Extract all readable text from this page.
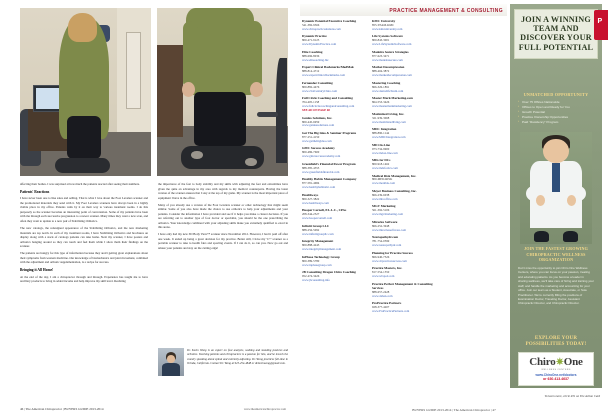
affecting their bodies. I was surprised at how much the patients reacted after seeing their numbers.

Patients' Reactions

I have never been one to like sales and selling. That is what I love about the Foot Levelers scanner and the promotional materials they send with it. My Foot Levelers scanners have always been in a highly visible place in my office. Patients walk by it on their way to various treatment rooms. I do this purposely so the scanner becomes an interesting point of conversation. Some of my patients have been with me through each successive progression to a newer scanner. Many times they want a new scan, and often they want to update to a new pair of Stabilizing Orthotics.

The new catalogs, the redesigned appearance of the Stabilizing Orthotics, and the new marketing materials are top notch. In each of my treatment rooms, I have Stabilizing Orthotics and brochures on display along with a stack of catalogs patients can take home. Next my scanner, I have posters and orthotics hanging around so they can touch and feel them while I show them their findings on the scanner.

The patients are hungry for this type of information because they aren't getting great explanations about their symptoms from western medicine. Our knowledge of biomechanics and joint movement, combined with the adjustment and orthotic supplementation, is a recipe for success.

Bringing it All Home!

At the end of the day, I am a chiropractor through and through. Experience has taught me to have ancillary products to bring in added income and help improve my skill level. Realizing

the importance of the feet to body stability and my skills with adjusting the feet and extremities have given me quite an advantage in my area with regards to my medical counterparts. Having the latest version of the scanner ensures that I stay at the top of my game. My scanner is the most important piece of equipment I have in the office.

Many of you already use a version of the Foot Levelers scanner or other technology that might seem similar. Some of you also have made the choice to use orthotics to help your adjustments and your patients. Consider the information I have provided and see if it helps you make a clearer decision. If you are referring out to another type of foot doctor or specialist, you should be the one prescribing the orthotics. Your knowledge combined with your adjusting skills make you extremely qualified to excel in this arena.

I have only had my new 3D Body View™ scanner since November 2012. However, I had it paid off after one week. It ended up being a great decision for my practice. Better still, I have my 'C+' scanner as a portable scanner to take to health fairs and sporting events. If I can do it, so can you. Now go out and amaze your patients and stay on the cutting edge!

Dr. Kevin Wong is an expert on foot analysis, walking and standing postures and orthotics. Teaching patients and chiropractors is a passion for him, and he travels the country speaking about spinal and extremity adjusting. Dr. Wong practices full-time in Orinda, California. Contact Dr. Wong at 925-254-4848 or drkevinwong@gmail.com.
46 | The American Chiropractor | BUYERS GUIDE 2013-2014	www.theamericanchiropractor.com
PRACTICE MANAGEMENT & CONSULTING
Dynamic Potential Executive Coaching
541-382-9366
www.chiropracticsolutions.com
Dynamic Practice
800-471-9125
www.DynamicPractice.com
Elite Coaching
888-696-8036
www.eliteoaching.biz
Expert Clinical Backmarks/MedMak
888-814-4712
www.expertclinicalbackmarks.com
Fernandez Consulting
800-882-4476
www.21stCenturyChiro.com
Full Circle Coaching and Consulting
704-405-1158
www.fullcirclecoachingandconsulting.com
SEE AD ON PAGE 68
Genius Solutions, Inc.
800-445-6959
www.geniussolutions.com
Get The Big Idea & Seminar Programs
877-251-4150
www.getthebigidea.com
GMC Success Academy
800-486-7600
www.gmcsuccessacademy.com
Greenfield's Financial Power Program
888-385-4355
www.greenfieldsfinancial.com
Healthy Habits Management Company
877-581-4684
www.healthyhabitsmc.com
Healthways
800-327-3822
www.healthways.com
Hooper Cornell, P.L.L.C., CPAs
208-344-2527
www.hoopercornell.com
Infiniti Group LLC
888-256-5092
www.infinitigroupllc.com
Integrity Management
800-888-4243
www.integritymanagement.com
InPhase Technology Group
800-389-5780
www.inphasegroup.com
JB Consulting Dragon Chiro Coaching
952-474-3426
www.jbconsulting.info
KMC University
855-TEAM-KMC
www.kmcuniversity.com
Life Systems Software
800-843-3001
www.LifeSystemsSoftware.com
Madeira Secure Strategies
877-623-3471
www.madeirasecure.com
Market Decompression
888-404-3872
www.marketdecompression.com
Mastering Coaching
866-326-1891
www.desirelifeTeam.com
Master Mark Marketing.com
864-553-3426
www.mastermarkmarketing.com
Maximized Living, Inc.
321-939-3068
www.maximizedliving.com
MDC Integration
888-890-1144
www.MDCIntegration.com
MD On-Line
973-734-9900
www.mdon-line.com
MDs for DCs
800-918-1462
www.mdsfordcs.com
Medical Risk Management, Inc.
800-MED-RISK
www.medrisk.com
Meyer Business Consulting, Inc.
866-239-6038
www.mbcoffice.com
MGV Marketing
561-392-5106
www.mgvmarketing.com
Miracles Software
866-252-3948
www.miraclessoftware.com
Neuropathydr.com
781-754-0599
www.neuropathydr.com
Planning for Practice Success
866-940-7526
www.dcpracticesuccess.com
Practice Masters, Inc.
817-554-1550
www.wixpod.com
Practice Perfect Management & Consulting Services
888-657-2428
www.dahan.com
ProPractice Partners
928-377-4207
www.ProPracticePartners.com
JOIN A WINNING TEAM AND DISCOVER YOUR FULL POTENTIAL
UNMATCHED OPPORTUNITY
▪ Over 75 Offices Nationwide
▪ Offices to Open and Ready for You
▪ Growth Potential
▪ Practice Ownership Opportunities
▪ Paid “Residency” Program
JOIN THE FASTEST GROWING CHIROPRACTIC WELLNESS ORGANIZATION
Don’t miss the opportunity to join Chiro One Wellness Centers, where you can focus on your passion, treating and educating patients. As you become a leader in sharing wellness, we’ll take care of hiring and training your staff, and handle the marketing and accounting for your office. Join our team as a Student, Associate, or Sole Practitioner. We’re currently filling the positions of Examination Doctor, Traveling Doctor, Assistant Chiropractic Director, and Chiropractic Director.
EXPLORE YOUR POSSIBILITIES TODAY!
Chiro✷One
WELLNESS CENTERS
www.ChiroOne.net/doctors
or 630.413.4637
P
To learn more, circle #31 on The Action Card
BUYERS GUIDE 2013-2014 | The American Chiropractor | 47
